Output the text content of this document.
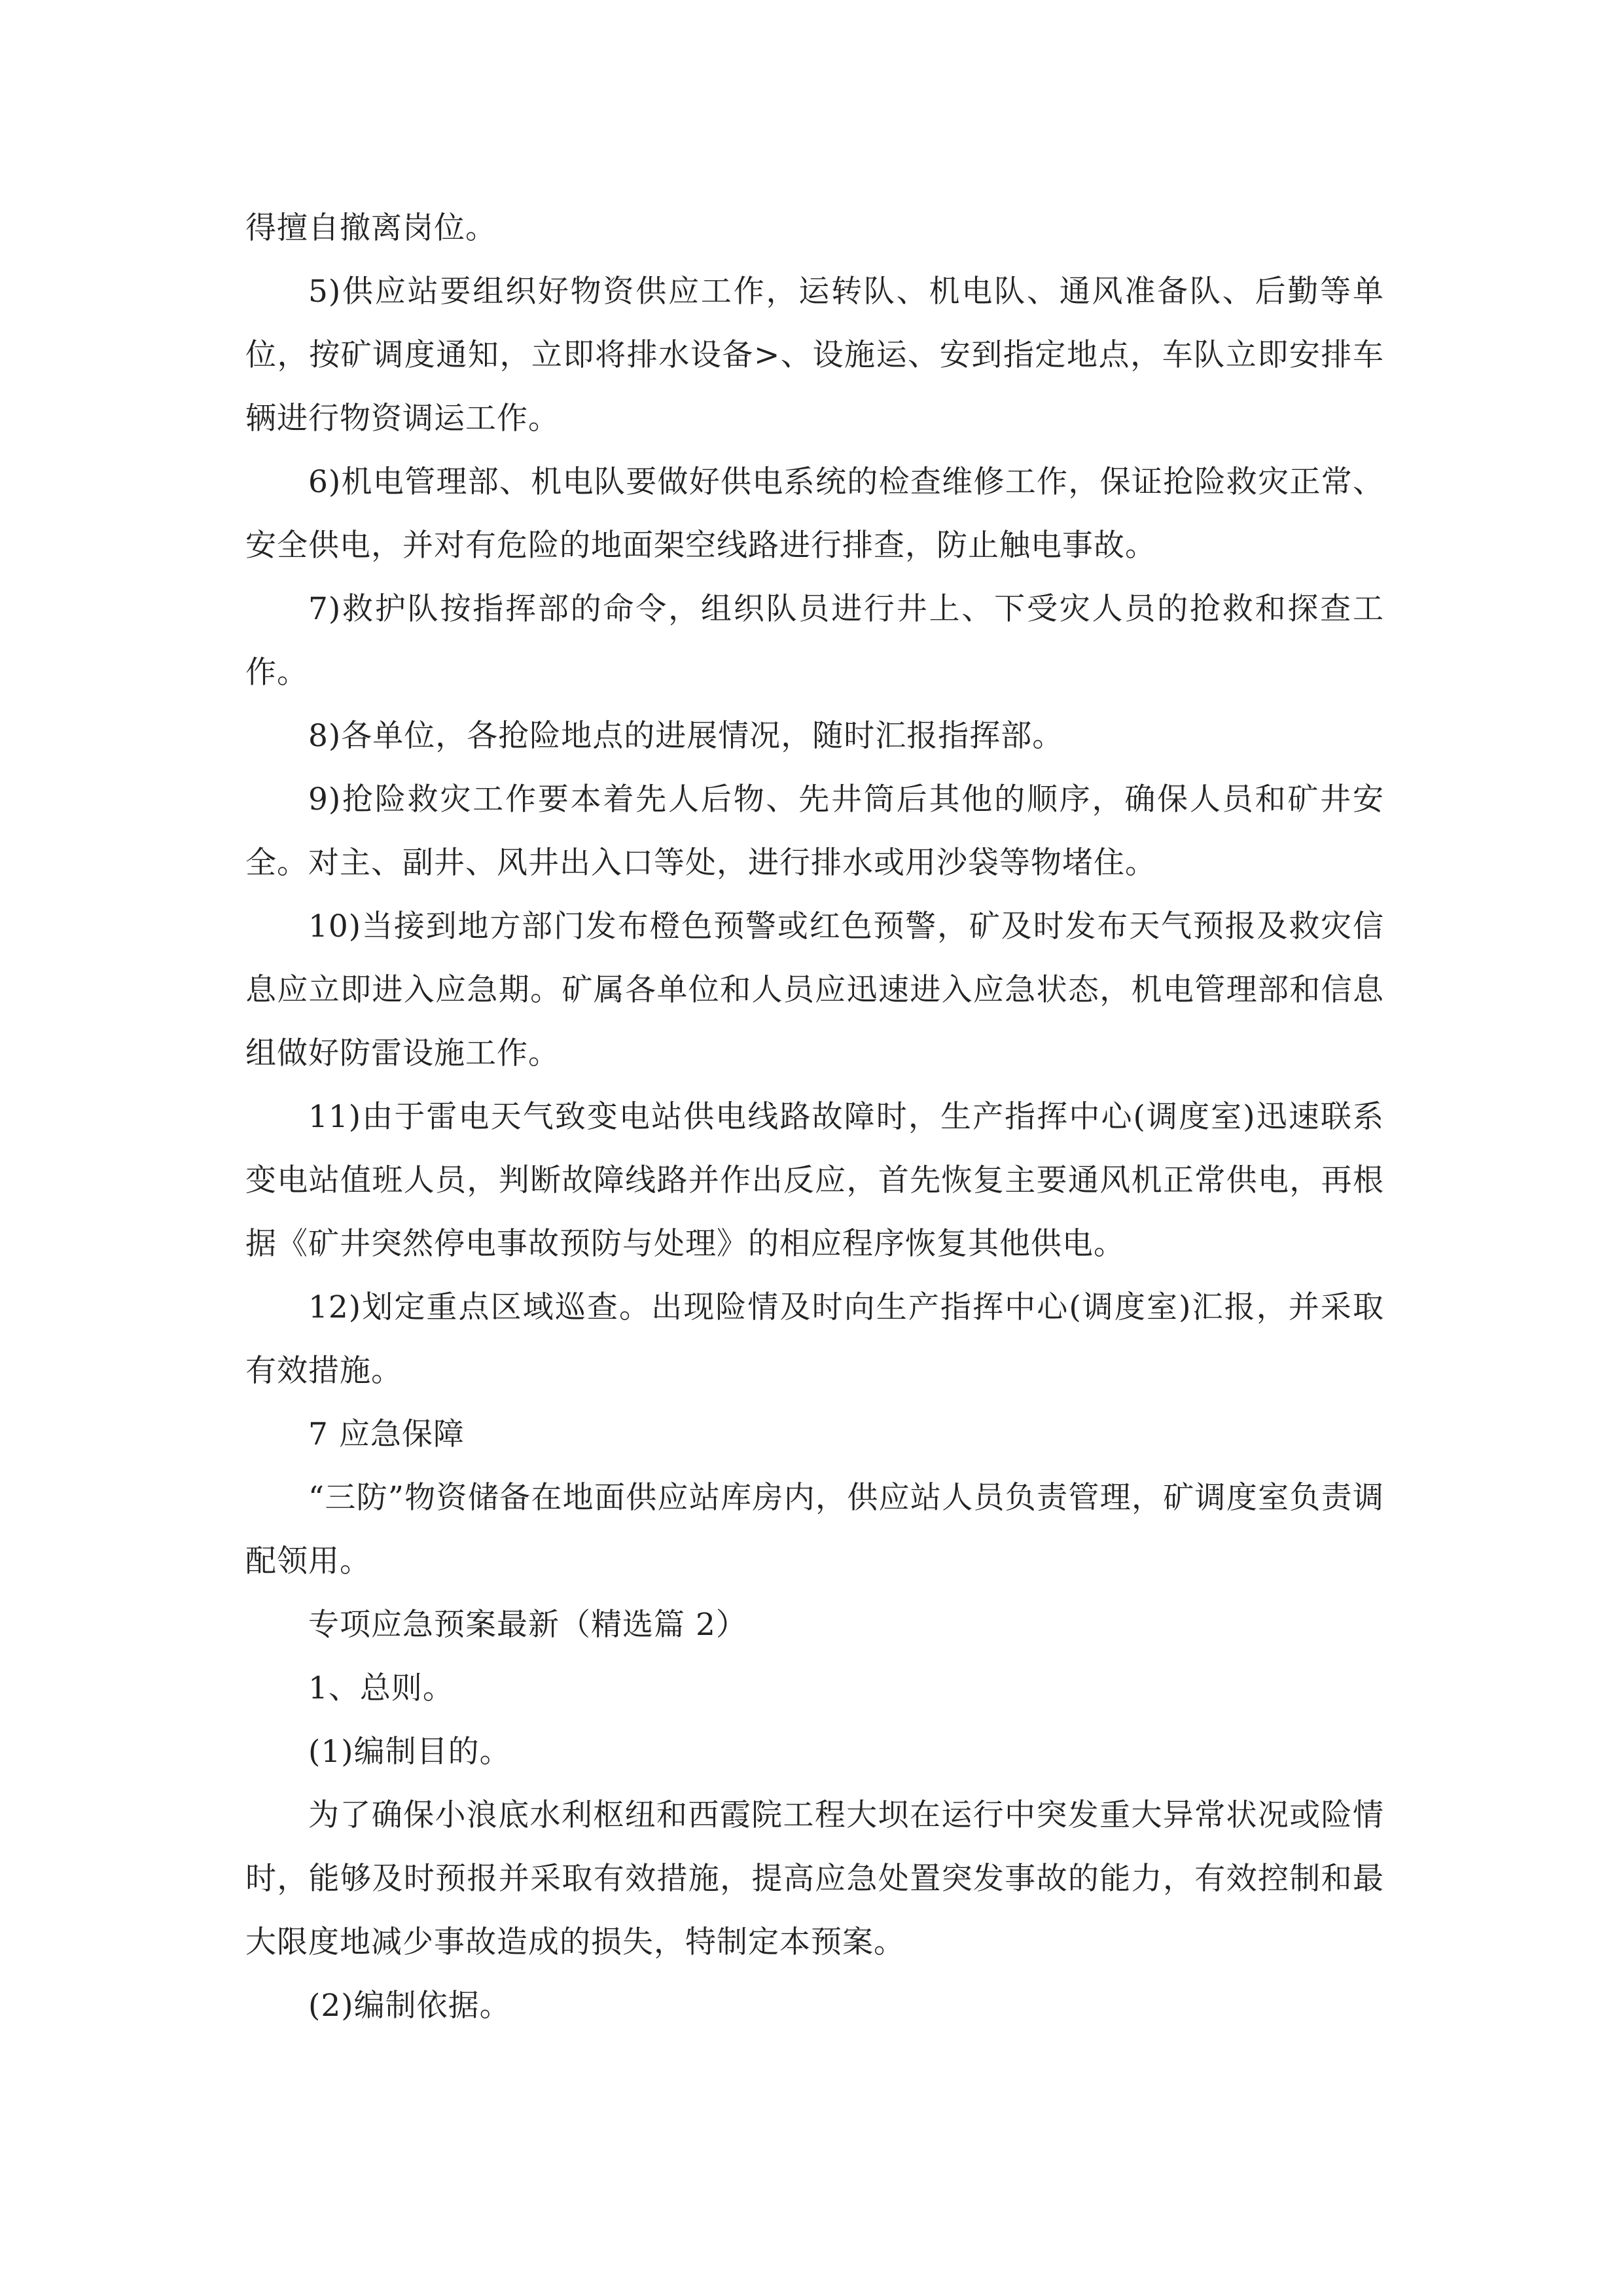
得擅自撤离岗位。

5)供应站要组织好物资供应工作，运转队、机电队、通风准备队、后勤等单位，按矿调度通知，立即将排水设备>、设施运、安到指定地点，车队立即安排车辆进行物资调运工作。

6)机电管理部、机电队要做好供电系统的检查维修工作，保证抢险救灾正常、安全供电，并对有危险的地面架空线路进行排查，防止触电事故。

7)救护队按指挥部的命令，组织队员进行井上、下受灾人员的抢救和探查工作。

8)各单位，各抢险地点的进展情况，随时汇报指挥部。

9)抢险救灾工作要本着先人后物、先井筒后其他的顺序，确保人员和矿井安全。对主、副井、风井出入口等处，进行排水或用沙袋等物堵住。

10)当接到地方部门发布橙色预警或红色预警，矿及时发布天气预报及救灾信息应立即进入应急期。矿属各单位和人员应迅速进入应急状态，机电管理部和信息组做好防雷设施工作。

11)由于雷电天气致变电站供电线路故障时，生产指挥中心(调度室)迅速联系变电站值班人员，判断故障线路并作出反应，首先恢复主要通风机正常供电，再根据《矿井突然停电事故预防与处理》的相应程序恢复其他供电。

12)划定重点区域巡查。出现险情及时向生产指挥中心(调度室)汇报，并采取有效措施。

7 应急保障

“三防”物资储备在地面供应站库房内，供应站人员负责管理，矿调度室负责调配领用。

专项应急预案最新（精选篇 2）

1、总则。

(1)编制目的。

为了确保小浪底水利枢纽和西霞院工程大坝在运行中突发重大异常状况或险情时，能够及时预报并采取有效措施，提高应急处置突发事故的能力，有效控制和最大限度地减少事故造成的损失，特制定本预案。

(2)编制依据。
